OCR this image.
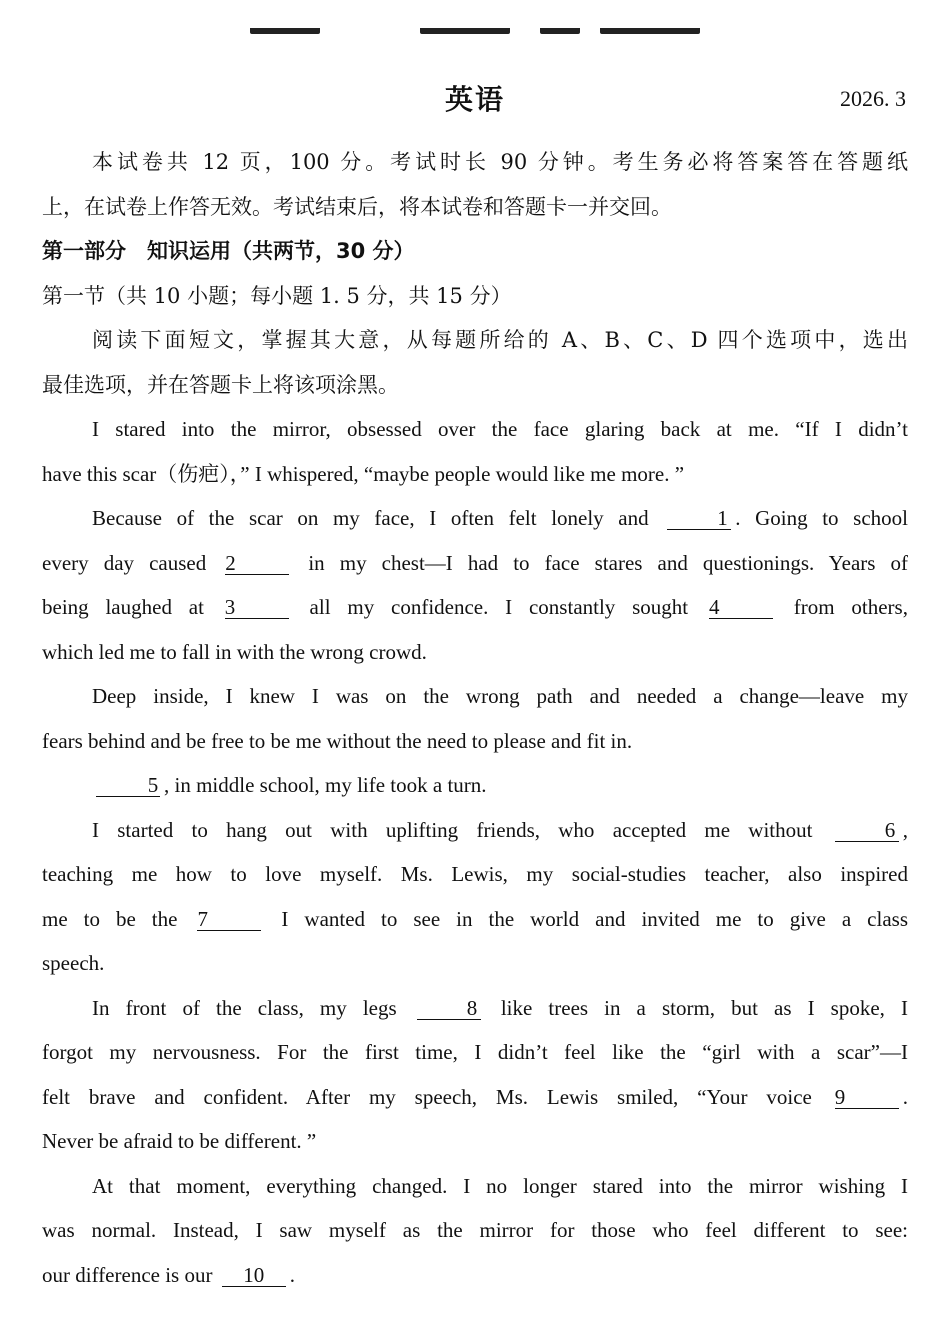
英语	2026. 3
本试卷共 12 页，100 分。考试时长 90 分钟。考生务必将答案答在答题纸
上，在试卷上作答无效。考试结束后，将本试卷和答题卡一并交回。
第一部分　知识运用（共两节，30 分）
第一节（共 10 小题；每小题 1. 5 分，共 15 分）
阅读下面短文，掌握其大意，从每题所给的 A、B、C、D 四个选项中，选出
最佳选项，并在答题卡上将该项涂黑。
I stared into the mirror, obsessed over the face glaring back at me. “If I didn’t
have this scar（伤疤），” I whispered, “maybe people would like me more. ”
Because of the scar on my face, I often felt lonely and	1 . Going to school
every day caused 2	in my chest—I had to face stares and questionings. Years of
being laughed at 3	all my confidence. I constantly sought 4	from others,
which led me to fall in with the wrong crowd.
Deep inside, I knew I was on the wrong path and needed a change—leave my
fears behind and be free to be me without the need to please and fit in.
5 , in middle school, my life took a turn.
I started to hang out with uplifting friends, who accepted me without	6 ,
teaching me how to love myself. Ms. Lewis, my social-studies teacher, also inspired
me to be the 7	I wanted to see in the world and invited me to give a class
speech.
In front of the class, my legs	8 like trees in a storm, but as I spoke, I
forgot my nervousness. For the first time, I didn’t feel like the “girl with a scar”—I
felt brave and confident. After my speech, Ms. Lewis smiled, “Your voice 9	.
Never be afraid to be different. ”
At that moment, everything changed. I no longer stared into the mirror wishing I
was normal. Instead, I saw myself as the mirror for those who feel different to see:
our difference is our 10 .
